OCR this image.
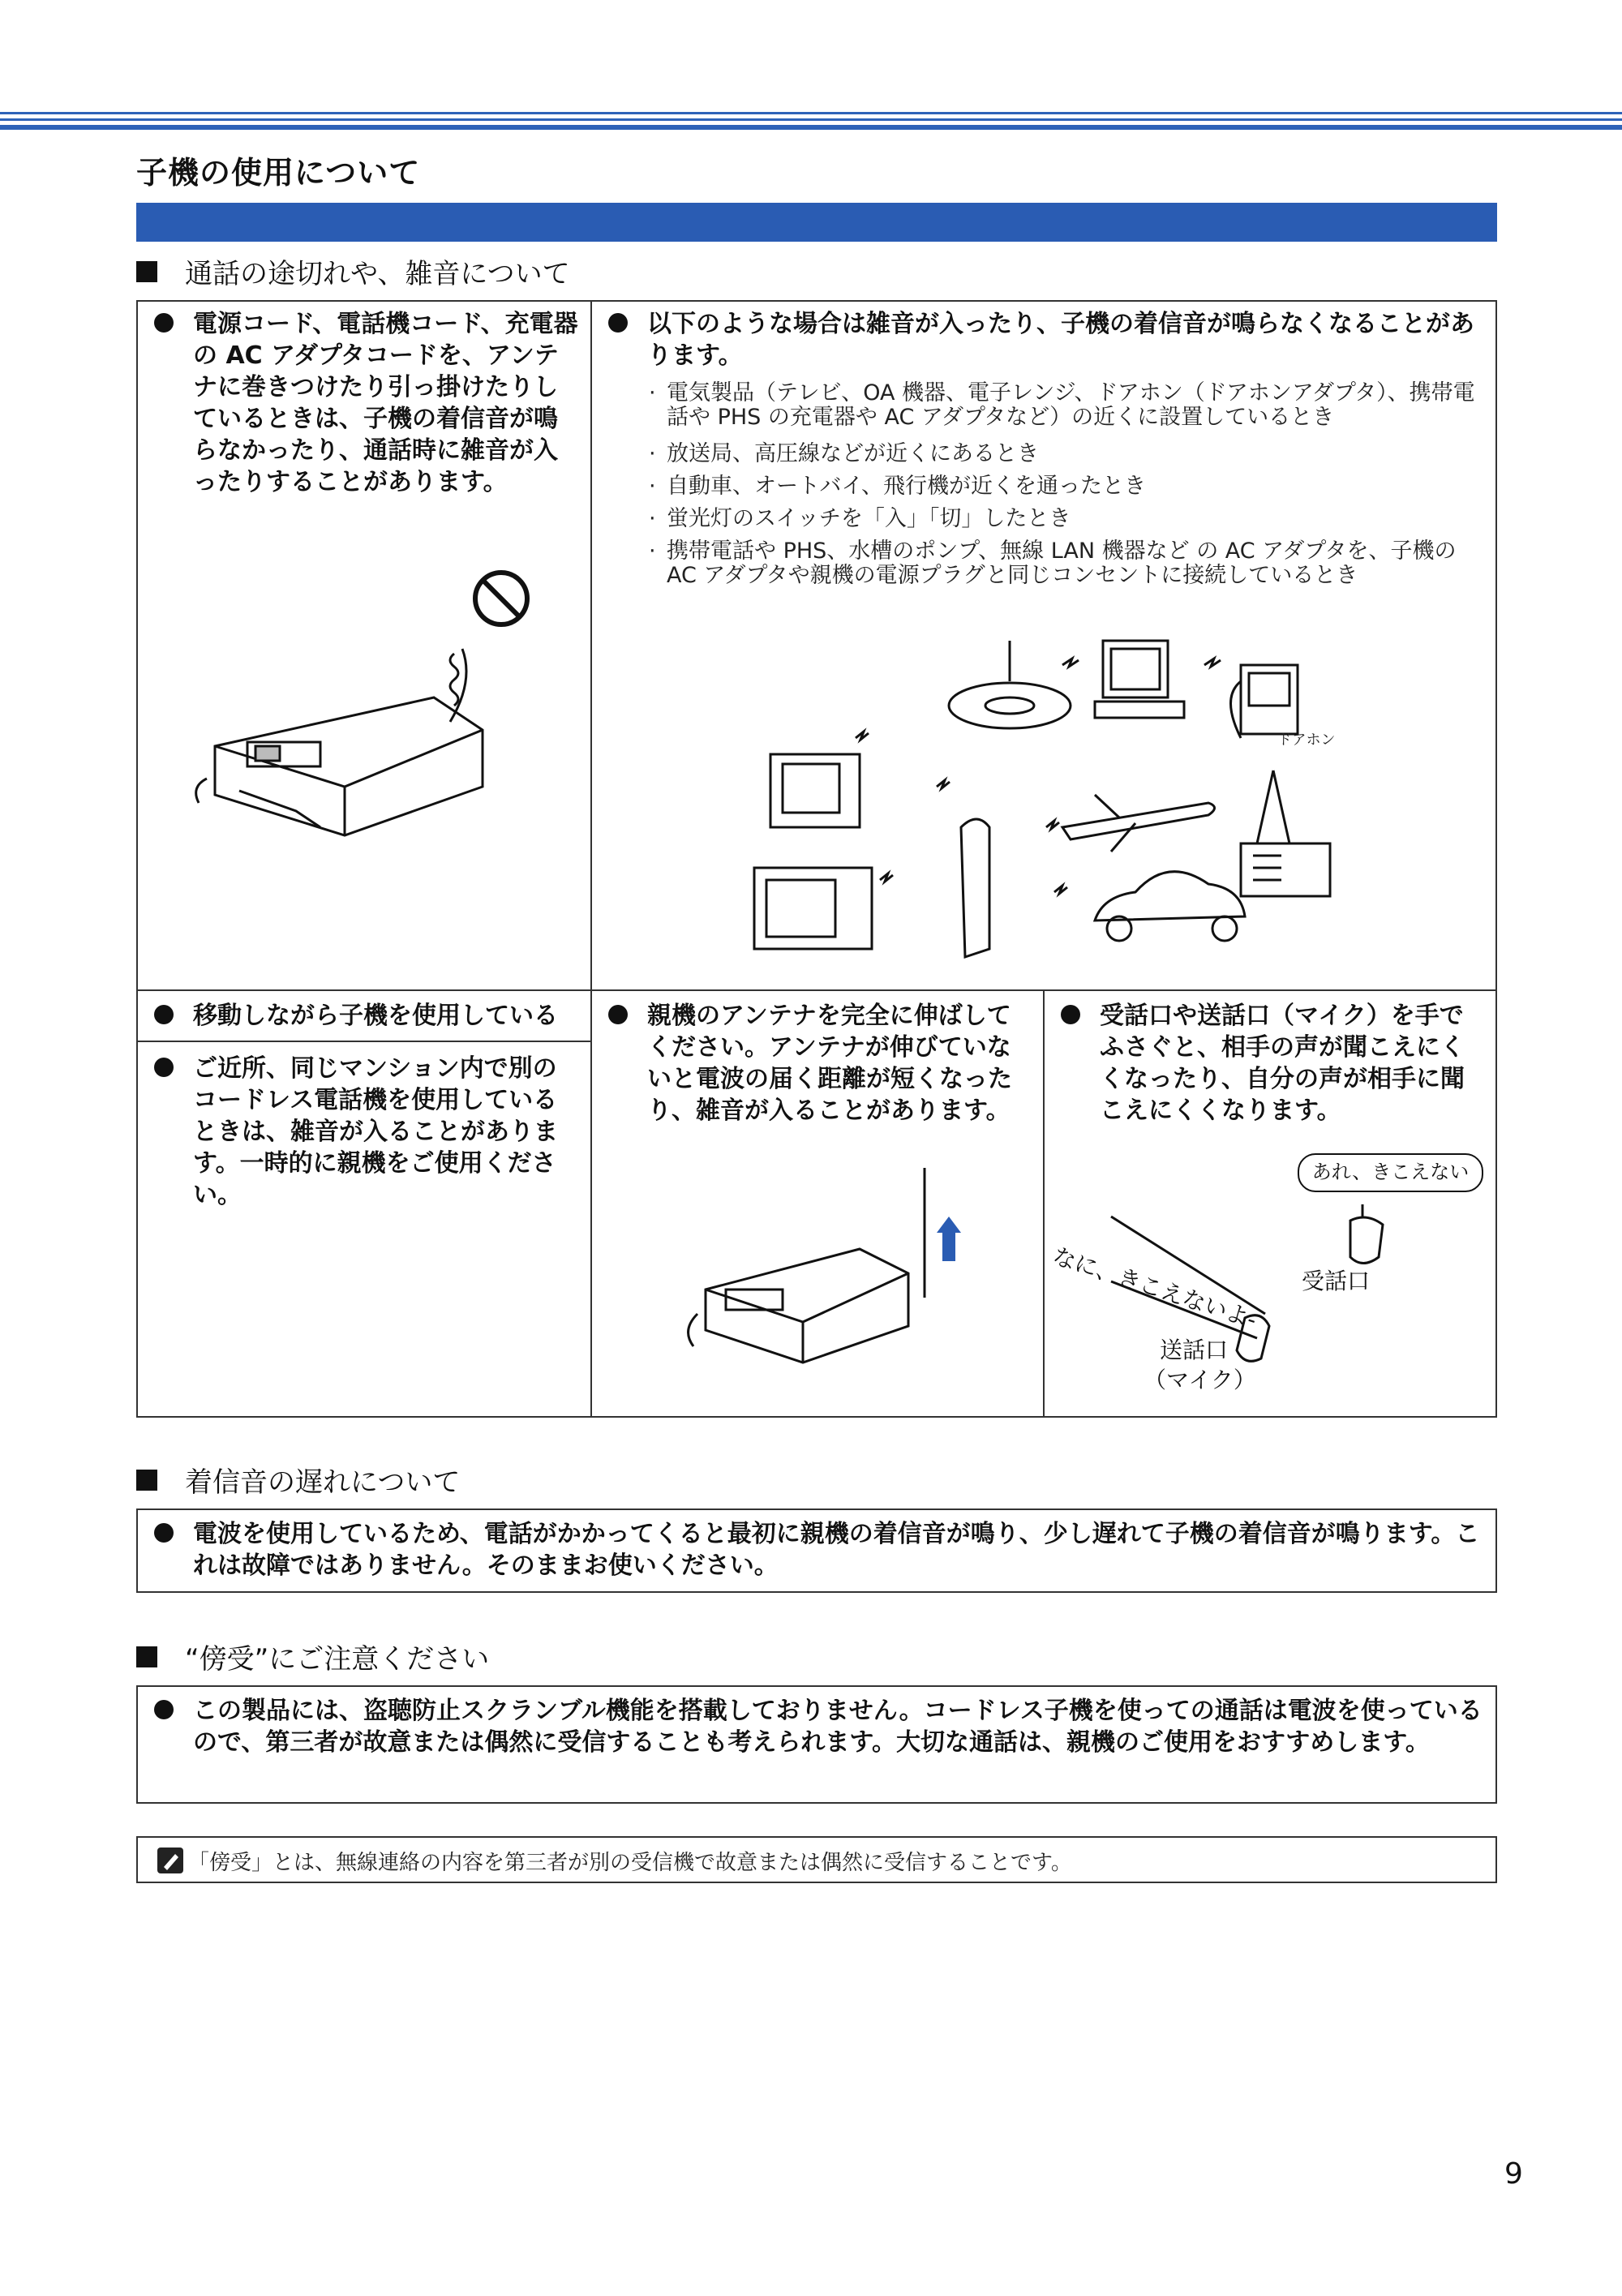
子機の使用について
通話の途切れや、雑音について
電源コード、電話機コード、充電器の AC アダプタコードを、アンテナに巻きつけたり引っ掛けたりしているときは、子機の着信音が鳴らなかったり、通話時に雑音が入ったりすることがあります。
以下のような場合は雑音が入ったり、子機の着信音が鳴らなくなることがあります。
· 電気製品（テレビ、OA 機器、電子レンジ、ドアホン（ドアホンアダプタ）、携帯電話や PHS の充電器や AC アダプタなど）の近くに設置しているとき
· 放送局、高圧線などが近くにあるとき
· 自動車、オートバイ、飛行機が近くを通ったとき
· 蛍光灯のスイッチを「入」「切」したとき
· 携帯電話や PHS、水槽のポンプ、無線 LAN 機器など の AC アダプタを、子機の AC アダプタや親機の電源プラグと同じコンセントに接続しているとき
ドアホン
移動しながら子機を使用している
ご近所、同じマンション内で別のコードレス電話機を使用しているときは、雑音が入ることがあります。一時的に親機をご使用ください。
親機のアンテナを完全に伸ばしてください。アンテナが伸びていないと電波の届く距離が短くなったり、雑音が入ることがあります。
受話口や送話口（マイク）を手でふさぐと、相手の声が聞こえにくくなったり、自分の声が相手に聞こえにくくなります。
あれ、きこえない
なに、きこえないよ-	受話口
送話口
（マイク）
着信音の遅れについて
電波を使用しているため、電話がかかってくると最初に親機の着信音が鳴り、少し遅れて子機の着信音が鳴ります。これは故障ではありません。そのままお使いください。
“傍受”にご注意ください
この製品には、盗聴防止スクランブル機能を搭載しておりません。コードレス子機を使っての通話は電波を使っているので、第三者が故意または偶然に受信することも考えられます。大切な通話は、親機のご使用をおすすめします。
「傍受」とは、無線連絡の内容を第三者が別の受信機で故意または偶然に受信することです。
9
